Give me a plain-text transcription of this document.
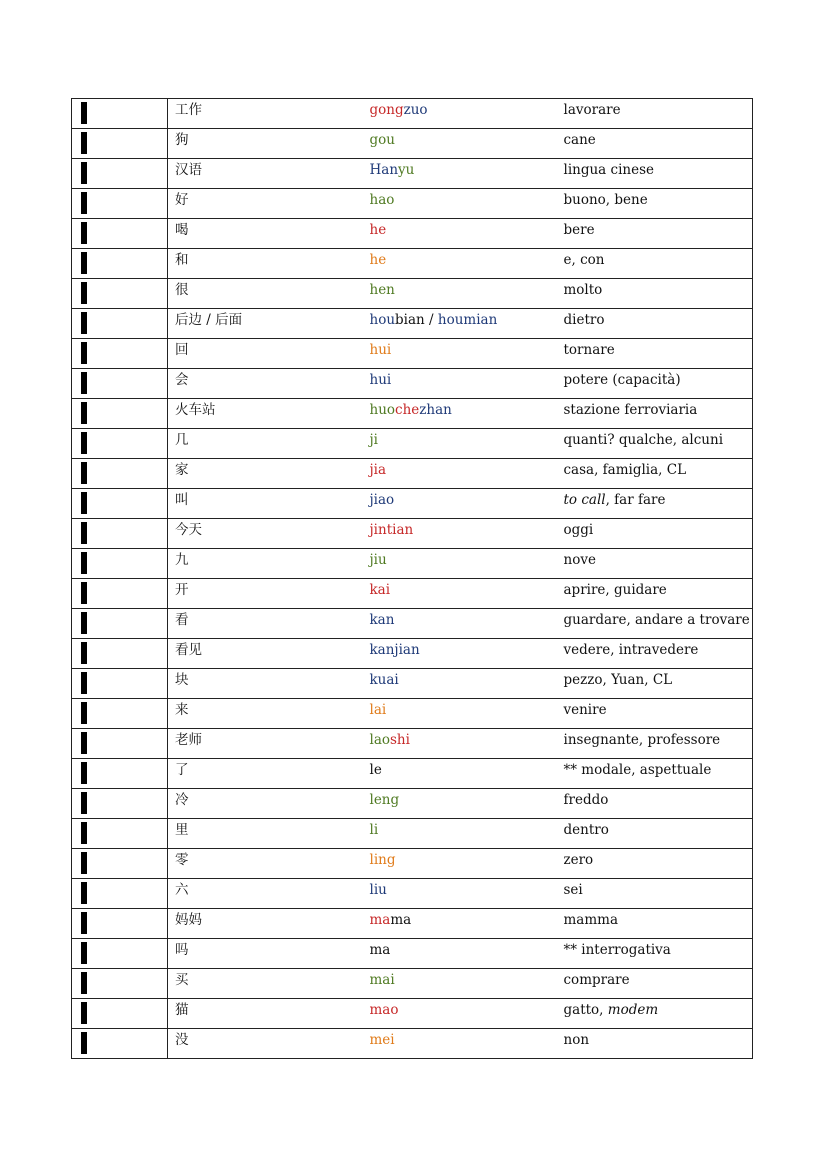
	工作	gongzuo	lavorare

	狗	gou	cane

	汉语	Hanyu	lingua cinese

	好	hao	buono, bene

	喝	he	bere

	和	he	e, con

	很	hen	molto

	后边 / 后面	houbian / houmian	dietro

	回	hui	tornare

	会	hui	potere (capacità)

	火车站	huochezhan	stazione ferroviaria

	几	ji	quanti? qualche, alcuni

	家	jia	casa, famiglia, CL

	叫	jiao	to call, far fare

	今天	jintian	oggi

	九	jiu	nove

	开	kai	aprire, guidare

	看	kan	guardare, andare a trovare

	看见	kanjian	vedere, intravedere

	块	kuai	pezzo, Yuan, CL

	来	lai	venire

	老师	laoshi	insegnante, professore

	了	le	** modale, aspettuale

	冷	leng	freddo

	里	li	dentro

	零	ling	zero

	六	liu	sei

	妈妈	mama	mamma

	吗	ma	** interrogativa

	买	mai	comprare

	猫	mao	gatto, modem

	没	mei	non
